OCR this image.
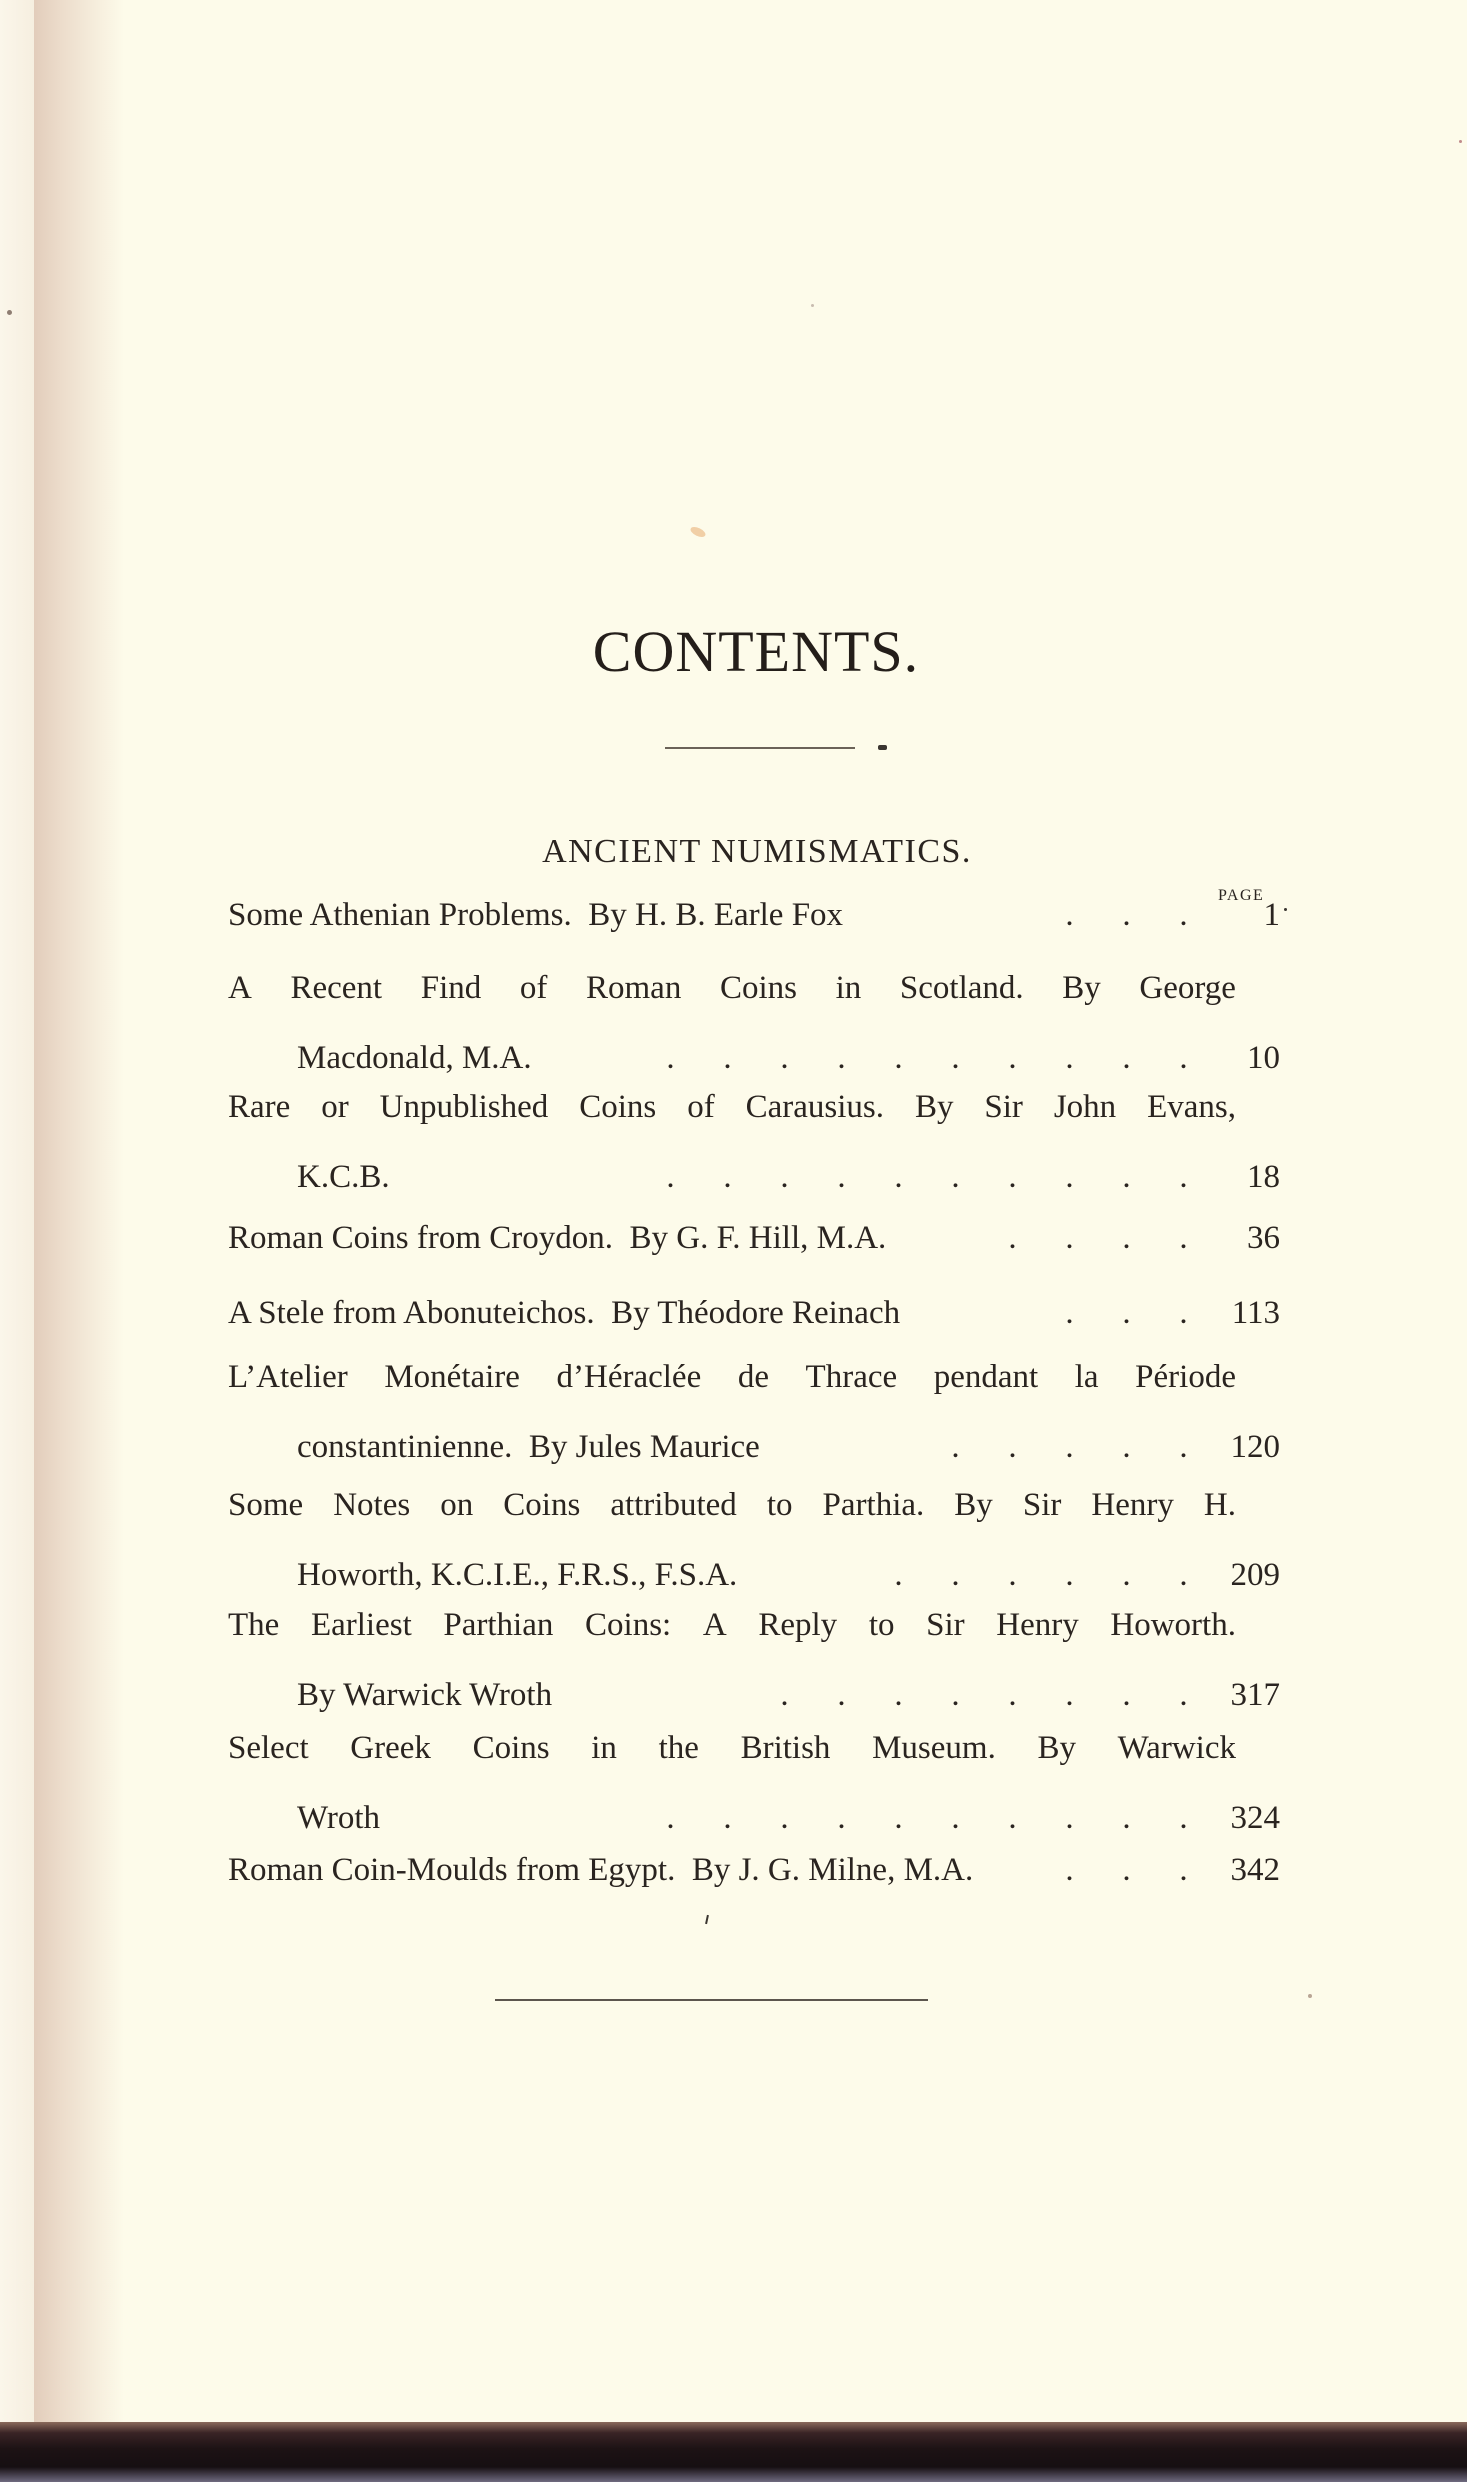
CONTENTS.
ANCIENT NUMISMATICS.
PAGE
Some Athenian Problems.  By H. B. Earle Fox	.	.	.	1
A Recent Find of Roman Coins in Scotland. By George
Macdonald, M.A.	.	.	.	.	.	.	.	.	.	.	10
Rare or Unpublished Coins of Carausius. By Sir John Evans,
K.C.B.	.	.	.	.	.	.	.	.	.	.	18
Roman Coins from Croydon.  By G. F. Hill, M.A.	.	.	.	.	36
A Stele from Abonuteichos.  By Théodore Reinach	.	.	.	113
L’Atelier Monétaire d’Héraclée de Thrace pendant la Période
constantinienne.  By Jules Maurice	.	.	.	.	.	120
Some Notes on Coins attributed to Parthia. By Sir Henry H.
Howorth, K.C.I.E., F.R.S., F.S.A.	.	.	.	.	.	.	209
The Earliest Parthian Coins: A Reply to Sir Henry Howorth.
By Warwick Wroth	.	.	.	.	.	.	.	.	317
Select Greek Coins in the British Museum. By Warwick
Wroth	.	.	.	.	.	.	.	.	.	.	324
Roman Coin-Moulds from Egypt.  By J. G. Milne, M.A.	.	.	.	342
